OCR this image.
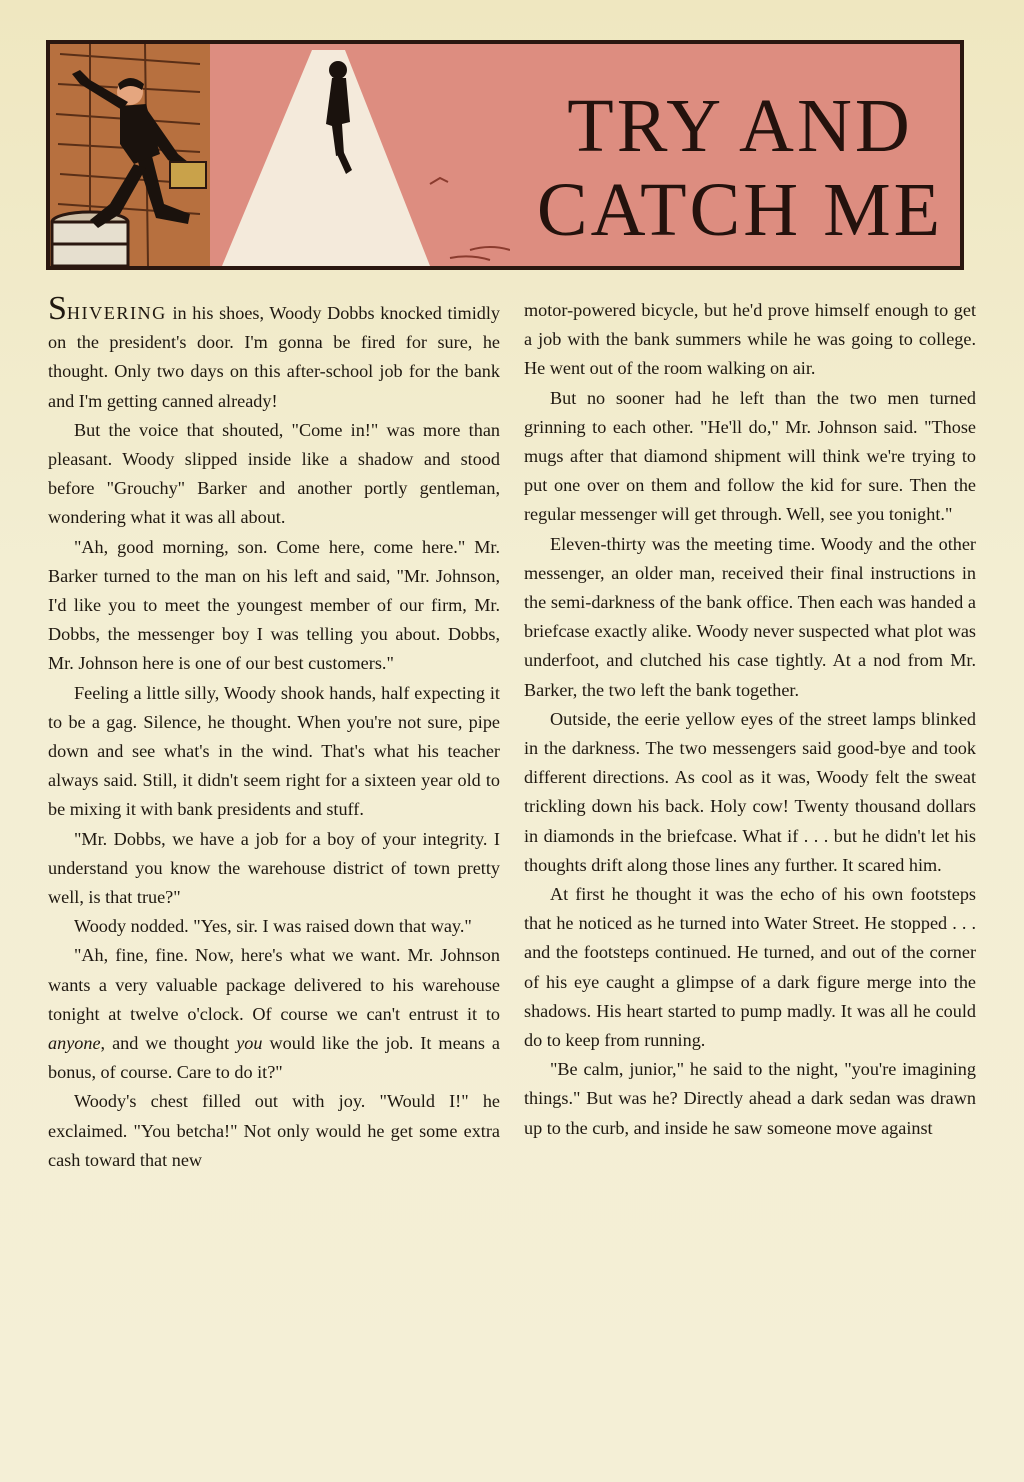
TRY AND
CATCH ME

SHIVERING in his shoes, Woody Dobbs knocked timidly on the president's door. I'm gonna be fired for sure, he thought. Only two days on this after-school job for the bank and I'm getting canned already!

But the voice that shouted, "Come in!" was more than pleasant. Woody slipped inside like a shadow and stood before "Grouchy" Barker and another portly gentleman, wondering what it was all about.

"Ah, good morning, son. Come here, come here." Mr. Barker turned to the man on his left and said, "Mr. Johnson, I'd like you to meet the youngest member of our firm, Mr. Dobbs, the messenger boy I was telling you about. Dobbs, Mr. Johnson here is one of our best customers."

Feeling a little silly, Woody shook hands, half expecting it to be a gag. Silence, he thought. When you're not sure, pipe down and see what's in the wind. That's what his teacher always said. Still, it didn't seem right for a sixteen year old to be mixing it with bank presidents and stuff.

"Mr. Dobbs, we have a job for a boy of your integrity. I understand you know the warehouse district of town pretty well, is that true?"

Woody nodded. "Yes, sir. I was raised down that way."

"Ah, fine, fine. Now, here's what we want. Mr. Johnson wants a very valuable package delivered to his warehouse tonight at twelve o'clock. Of course we can't entrust it to anyone, and we thought you would like the job. It means a bonus, of course. Care to do it?"

Woody's chest filled out with joy. "Would I!" he exclaimed. "You betcha!" Not only would he get some extra cash toward that new

motor-powered bicycle, but he'd prove himself enough to get a job with the bank summers while he was going to college. He went out of the room walking on air.

But no sooner had he left than the two men turned grinning to each other. "He'll do," Mr. Johnson said. "Those mugs after that diamond shipment will think we're trying to put one over on them and follow the kid for sure. Then the regular messenger will get through. Well, see you tonight."

Eleven-thirty was the meeting time. Woody and the other messenger, an older man, received their final instructions in the semi-darkness of the bank office. Then each was handed a briefcase exactly alike. Woody never suspected what plot was underfoot, and clutched his case tightly. At a nod from Mr. Barker, the two left the bank together.

Outside, the eerie yellow eyes of the street lamps blinked in the darkness. The two messengers said good-bye and took different directions. As cool as it was, Woody felt the sweat trickling down his back. Holy cow! Twenty thousand dollars in diamonds in the briefcase. What if . . . but he didn't let his thoughts drift along those lines any further. It scared him.

At first he thought it was the echo of his own footsteps that he noticed as he turned into Water Street. He stopped . . . and the footsteps continued. He turned, and out of the corner of his eye caught a glimpse of a dark figure merge into the shadows. His heart started to pump madly. It was all he could do to keep from running.

"Be calm, junior," he said to the night, "you're imagining things." But was he? Directly ahead a dark sedan was drawn up to the curb, and inside he saw someone move against
